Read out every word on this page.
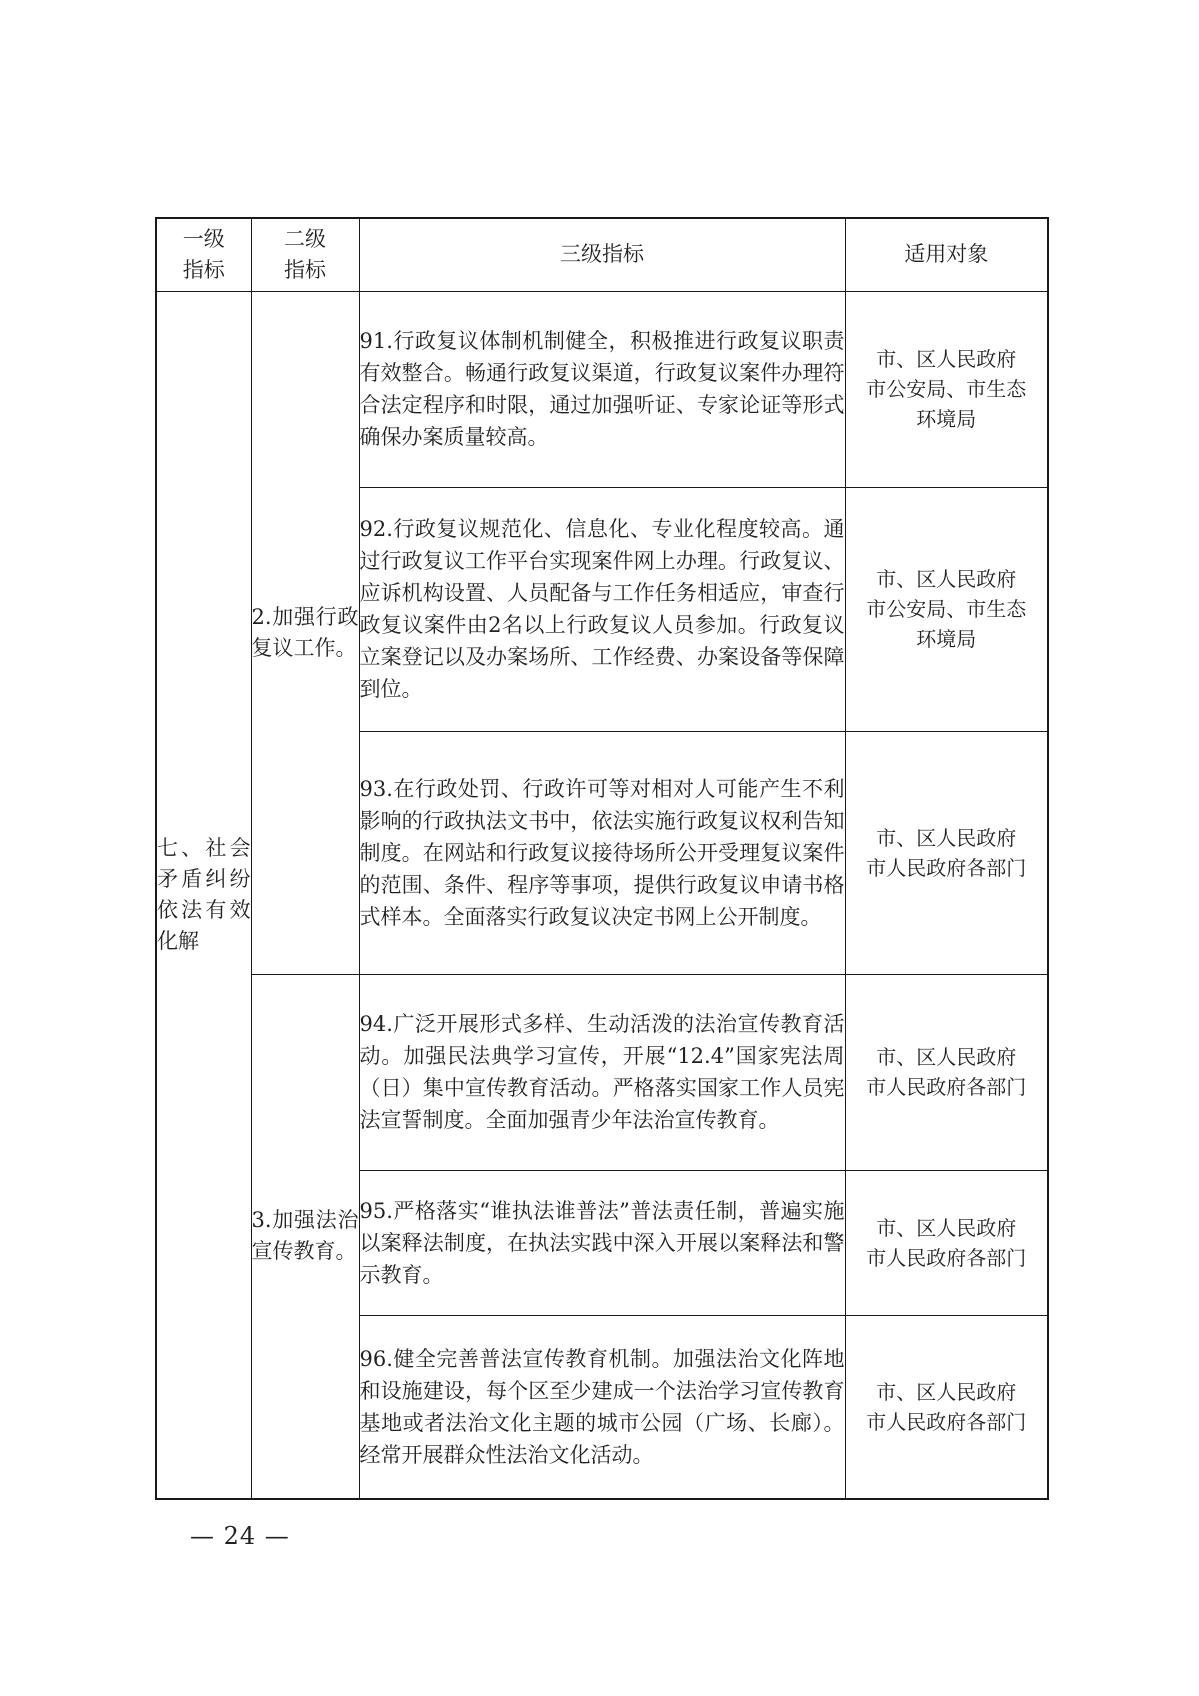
一级指标	二级指标	三级指标	适用对象
七、社会矛盾纠纷依法有效化解	2.加强行政复议工作。	91.行政复议体制机制健全，积极推进行政复议职责有效整合。畅通行政复议渠道，行政复议案件办理符合法定程序和时限，通过加强听证、专家论证等形式确保办案质量较高。	市、区人民政府
市公安局、市生态
环境局

		92.行政复议规范化、信息化、专业化程度较高。通过行政复议工作平台实现案件网上办理。行政复议、应诉机构设置、人员配备与工作任务相适应，审查行政复议案件由2名以上行政复议人员参加。行政复议立案登记以及办案场所、工作经费、办案设备等保障到位。	市、区人民政府
市公安局、市生态
环境局

		93.在行政处罚、行政许可等对相对人可能产生不利影响的行政执法文书中，依法实施行政复议权利告知制度。在网站和行政复议接待场所公开受理复议案件的范围、条件、程序等事项，提供行政复议申请书格式样本。全面落实行政复议决定书网上公开制度。	市、区人民政府
市人民政府各部门

	3.加强法治宣传教育。	94.广泛开展形式多样、生动活泼的法治宣传教育活动。加强民法典学习宣传，开展“12.4”国家宪法周（日）集中宣传教育活动。严格落实国家工作人员宪法宣誓制度。全面加强青少年法治宣传教育。	市、区人民政府
市人民政府各部门

		95.严格落实“谁执法谁普法”普法责任制，普遍实施以案释法制度，在执法实践中深入开展以案释法和警示教育。	市、区人民政府
市人民政府各部门

		96.健全完善普法宣传教育机制。加强法治文化阵地和设施建设，每个区至少建成一个法治学习宣传教育基地或者法治文化主题的城市公园（广场、长廊）。经常开展群众性法治文化活动。	市、区人民政府
市人民政府各部门
— 24 —
